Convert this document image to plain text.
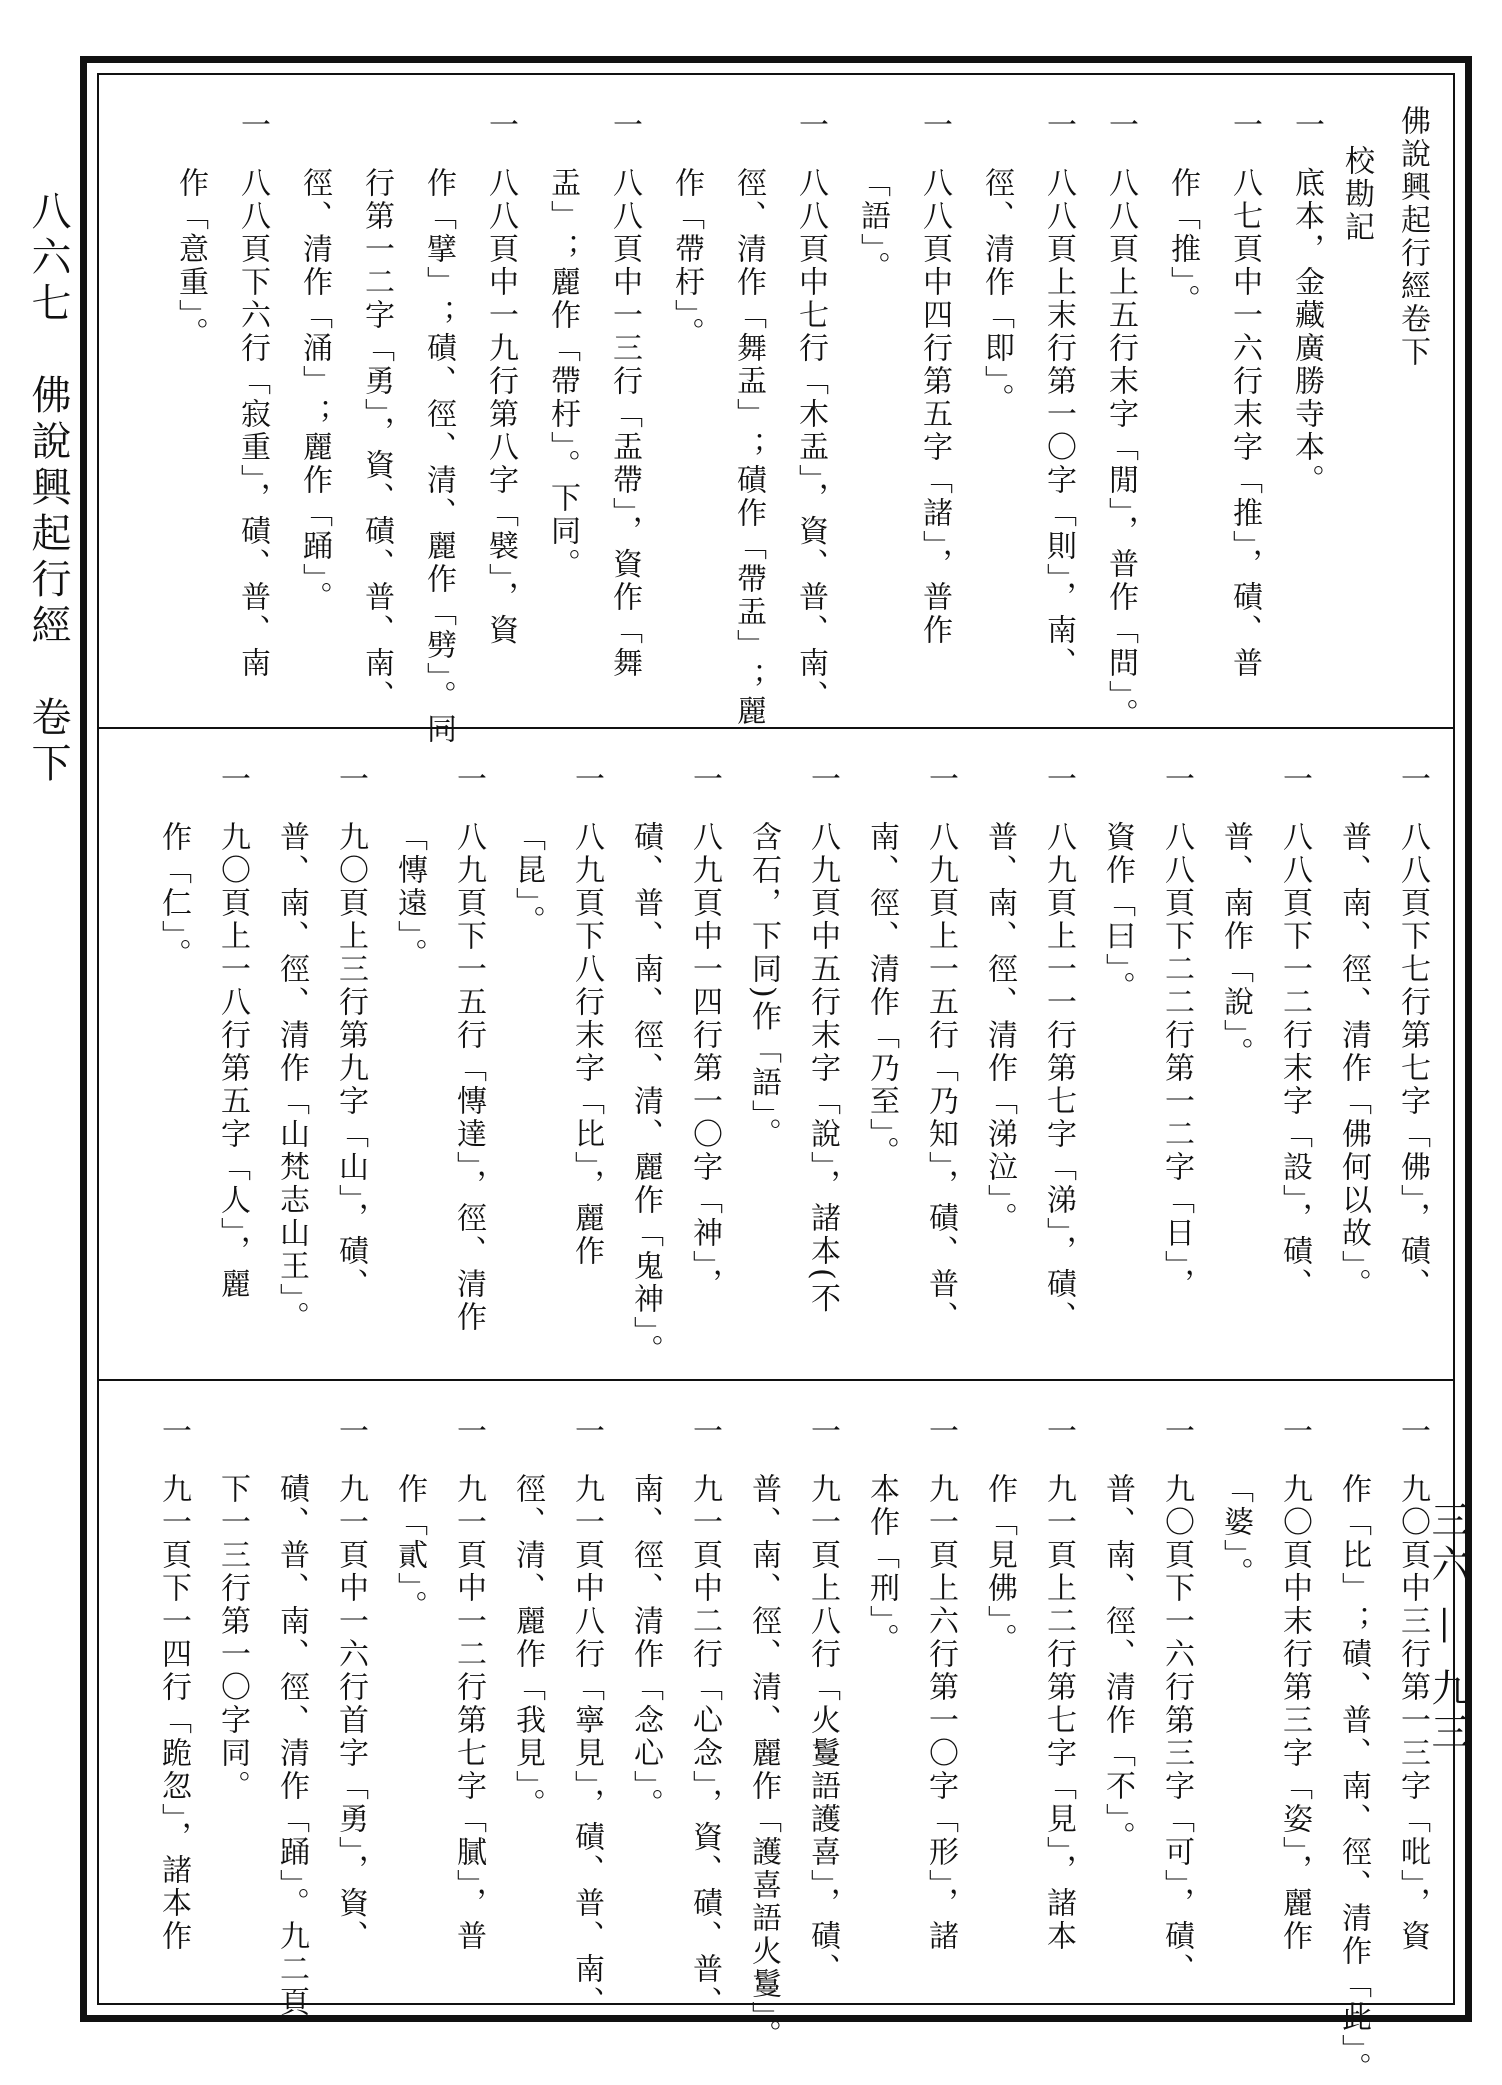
八六七　佛說興起行經　卷下
三六 — 九三
佛說興起行經卷下
校勘記
一
底本，金藏廣勝寺本。
一
八七頁中一六行末字「推」，磧、普
作「推」。
一
八八頁上五行末字「閒」，普作「問」。
一
八八頁上末行第一〇字「則」，南、
徑、清作「即」。
一
八八頁中四行第五字「諸」，普作
「語」。
一
八八頁中七行「木盂」，資、普、南、
徑、清作「舞盂」；磧作「帶盂」；麗
作「帶杅」。
一
八八頁中一三行「盂帶」，資作「舞
盂」；麗作「帶杅」。下同。
一
八八頁中一九行第八字「襞」，資
作「擘」；磧、徑、清、麗作「劈」。同
行第一二字「勇」，資、磧、普、南、
徑、清作「涌」；麗作「踊」。
一
八八頁下六行「寂重」，磧、普、南
作「意重」。
一
八八頁下七行第七字「佛」，磧、
普、南、徑、清作「佛何以故」。
一
八八頁下一二行末字「設」，磧、
普、南作「說」。
一
八八頁下二二行第一二字「日」，
資作「曰」。
一
八九頁上一一行第七字「涕」，磧、
普、南、徑、清作「涕泣」。
一
八九頁上一五行「乃知」，磧、普、
南、徑、清作「乃至」。
一
八九頁中五行末字「說」，諸本(不
含石，下同)作「語」。
一
八九頁中一四行第一〇字「神」，
磧、普、南、徑、清、麗作「鬼神」。
一
八九頁下八行末字「比」，麗作
「昆」。
一
八九頁下一五行「慱達」，徑、清作
「慱遠」。
一
九〇頁上三行第九字「山」，磧、
普、南、徑、清作「山梵志山王」。
一
九〇頁上一八行第五字「人」，麗
作「仁」。
一
九〇頁中三行第一三字「吡」，資
作「比」；磧、普、南、徑、清作「此」。
一
九〇頁中末行第三字「姿」，麗作
「婆」。
一
九〇頁下一六行第三字「可」，磧、
普、南、徑、清作「不」。
一
九一頁上二行第七字「見」，諸本
作「見佛」。
一
九一頁上六行第一〇字「形」，諸
本作「刑」。
一
九一頁上八行「火鬘語護喜」，磧、
普、南、徑、清、麗作「護喜語火鬘」。
一
九一頁中二行「心念」，資、磧、普、
南、徑、清作「念心」。
一
九一頁中八行「寧見」，磧、普、南、
徑、清、麗作「我見」。
一
九一頁中一二行第七字「膩」，普
作「貳」。
一
九一頁中一六行首字「勇」，資、
磧、普、南、徑、清作「踊」。九二頁
下一三行第一〇字同。
一
九一頁下一四行「跪忽」，諸本作
